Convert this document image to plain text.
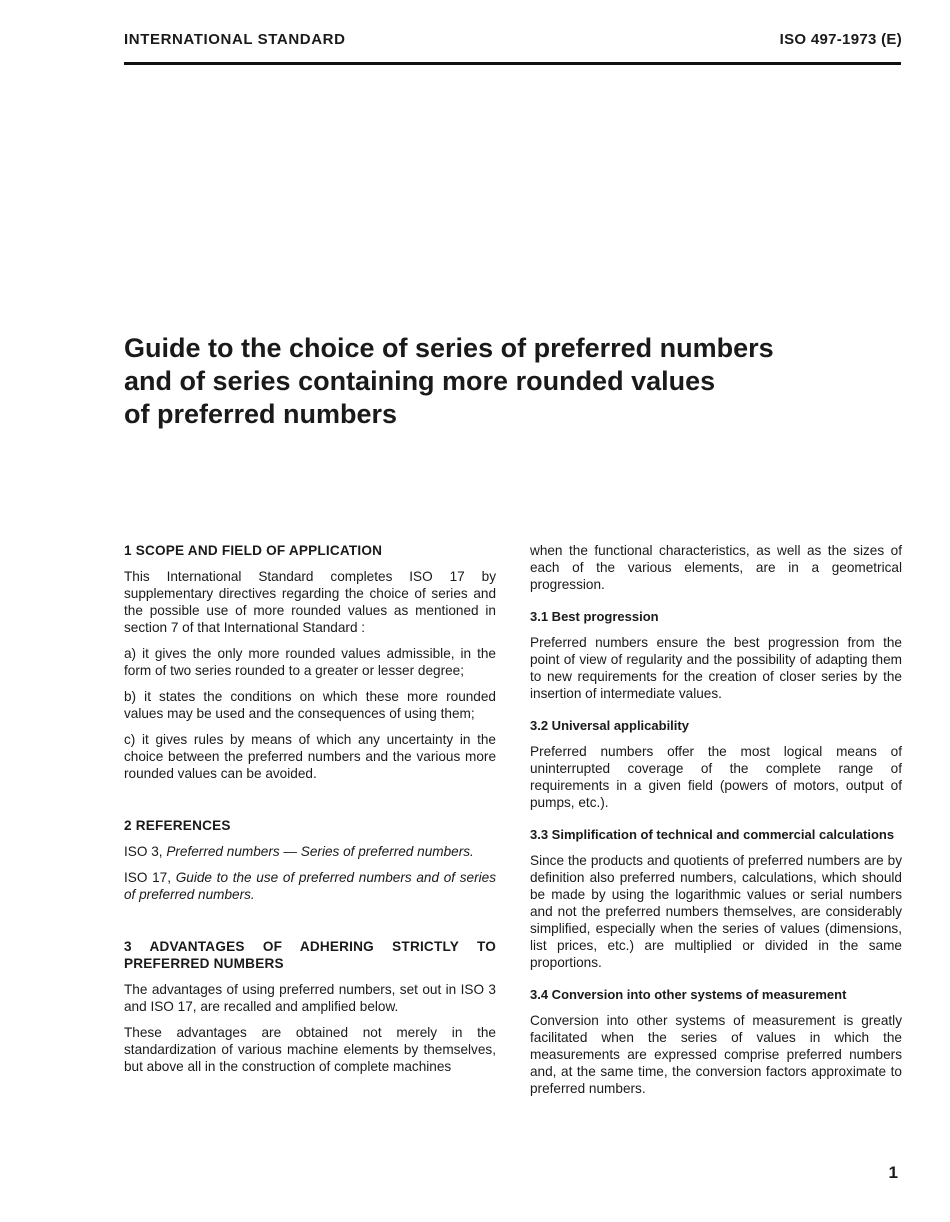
INTERNATIONAL STANDARD	ISO 497-1973 (E)
Guide to the choice of series of preferred numbers
and of series containing more rounded values
of preferred numbers
1 SCOPE AND FIELD OF APPLICATION

This International Standard completes ISO 17 by supplementary directives regarding the choice of series and the possible use of more rounded values as mentioned in section 7 of that International Standard :

a) it gives the only more rounded values admissible, in the form of two series rounded to a greater or lesser degree;

b) it states the conditions on which these more rounded values may be used and the consequences of using them;

c) it gives rules by means of which any uncertainty in the choice between the preferred numbers and the various more rounded values can be avoided.

2 REFERENCES

ISO 3, Preferred numbers — Series of preferred numbers.

ISO 17, Guide to the use of preferred numbers and of series of preferred numbers.

3 ADVANTAGES OF ADHERING STRICTLY TO PREFERRED NUMBERS

The advantages of using preferred numbers, set out in ISO 3 and ISO 17, are recalled and amplified below.

These advantages are obtained not merely in the standardization of various machine elements by themselves, but above all in the construction of complete machines

when the functional characteristics, as well as the sizes of each of the various elements, are in a geometrical progression.

3.1 Best progression

Preferred numbers ensure the best progression from the point of view of regularity and the possibility of adapting them to new requirements for the creation of closer series by the insertion of intermediate values.

3.2 Universal applicability

Preferred numbers offer the most logical means of uninterrupted coverage of the complete range of requirements in a given field (powers of motors, output of pumps, etc.).

3.3 Simplification of technical and commercial calculations

Since the products and quotients of preferred numbers are by definition also preferred numbers, calculations, which should be made by using the logarithmic values or serial numbers and not the preferred numbers themselves, are considerably simplified, especially when the series of values (dimensions, list prices, etc.) are multiplied or divided in the same proportions.

3.4 Conversion into other systems of measurement

Conversion into other systems of measurement is greatly facilitated when the series of values in which the measurements are expressed comprise preferred numbers and, at the same time, the conversion factors approximate to preferred numbers.

1
